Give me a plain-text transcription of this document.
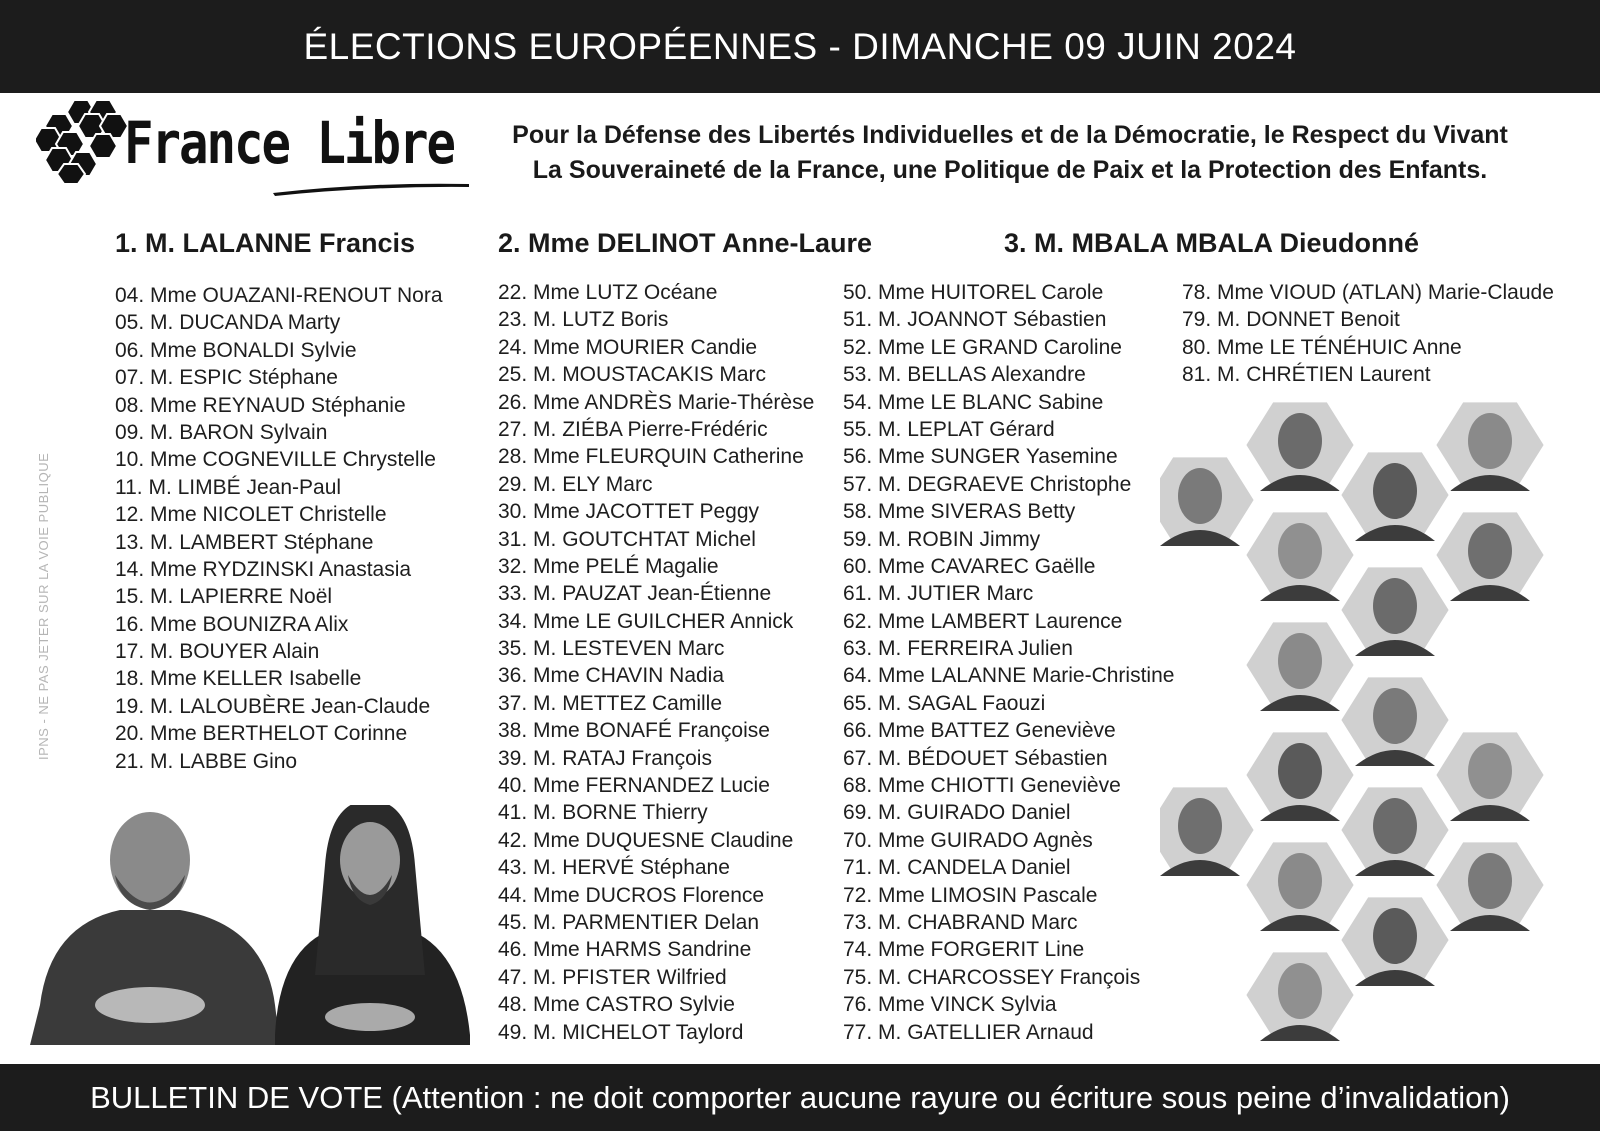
ÉLECTIONS EUROPÉENNES - DIMANCHE 09 JUIN 2024
France Libre	Pour la Défense des Libertés Individuelles et de la Démocratie, le Respect du Vivant
La Souveraineté de la France, une Politique de Paix et la Protection des Enfants.
1. M. LALANNE Francis	2. Mme DELINOT Anne-Laure	3. M. MBALA MBALA Dieudonné
04. Mme OUAZANI-RENOUT Nora
05. M. DUCANDA Marty
06. Mme BONALDI Sylvie
07. M. ESPIC Stéphane
08. Mme REYNAUD Stéphanie
09. M. BARON Sylvain
10. Mme COGNEVILLE Chrystelle
11. M. LIMBÉ Jean-Paul
12. Mme NICOLET Christelle
13. M. LAMBERT Stéphane
14. Mme RYDZINSKI Anastasia
15. M. LAPIERRE Noël
16. Mme BOUNIZRA Alix
17. M. BOUYER Alain
18. Mme KELLER Isabelle
19. M. LALOUBÈRE Jean-Claude
20. Mme BERTHELOT Corinne
21. M. LABBE Gino
22. Mme LUTZ Océane
23. M. LUTZ Boris
24. Mme MOURIER Candie
25. M. MOUSTACAKIS Marc
26. Mme ANDRÈS Marie-Thérèse
27. M. ZIÉBA Pierre-Frédéric
28. Mme FLEURQUIN Catherine
29. M. ELY Marc
30. Mme JACOTTET Peggy
31. M. GOUTCHTAT Michel
32. Mme PELÉ Magalie
33. M. PAUZAT Jean-Étienne
34. Mme LE GUILCHER Annick
35. M. LESTEVEN Marc
36. Mme CHAVIN Nadia
37. M. METTEZ Camille
38. Mme BONAFÉ Françoise
39. M. RATAJ François
40. Mme FERNANDEZ Lucie
41. M. BORNE Thierry
42. Mme DUQUESNE Claudine
43. M. HERVÉ Stéphane
44. Mme DUCROS Florence
45. M. PARMENTIER Delan
46. Mme HARMS Sandrine
47. M. PFISTER Wilfried
48. Mme CASTRO Sylvie
49. M. MICHELOT Taylord
50. Mme HUITOREL Carole
51. M. JOANNOT Sébastien
52. Mme LE GRAND Caroline
53. M. BELLAS Alexandre
54. Mme LE BLANC Sabine
55. M. LEPLAT Gérard
56. Mme SUNGER Yasemine
57. M. DEGRAEVE Christophe
58. Mme SIVERAS Betty
59. M. ROBIN Jimmy
60. Mme CAVAREC Gaëlle
61. M. JUTIER Marc
62. Mme LAMBERT Laurence
63. M. FERREIRA Julien
64. Mme LALANNE Marie-Christine
65. M. SAGAL Faouzi
66. Mme BATTEZ Geneviève
67. M. BÉDOUET Sébastien
68. Mme CHIOTTI Geneviève
69. M. GUIRADO Daniel
70. Mme GUIRADO Agnès
71. M. CANDELA Daniel
72. Mme LIMOSIN Pascale
73. M. CHABRAND Marc
74. Mme FORGERIT Line
75. M. CHARCOSSEY François
76. Mme VINCK Sylvia
77. M. GATELLIER Arnaud
78. Mme VIOUD (ATLAN) Marie-Claude
79. M. DONNET Benoit
80. Mme LE TÉNÉHUIC Anne
81. M. CHRÉTIEN Laurent
IPNS - NE PAS JETER SUR LA VOIE PUBLIQUE
BULLETIN DE VOTE (Attention : ne doit comporter aucune rayure ou écriture sous peine d’invalidation)
